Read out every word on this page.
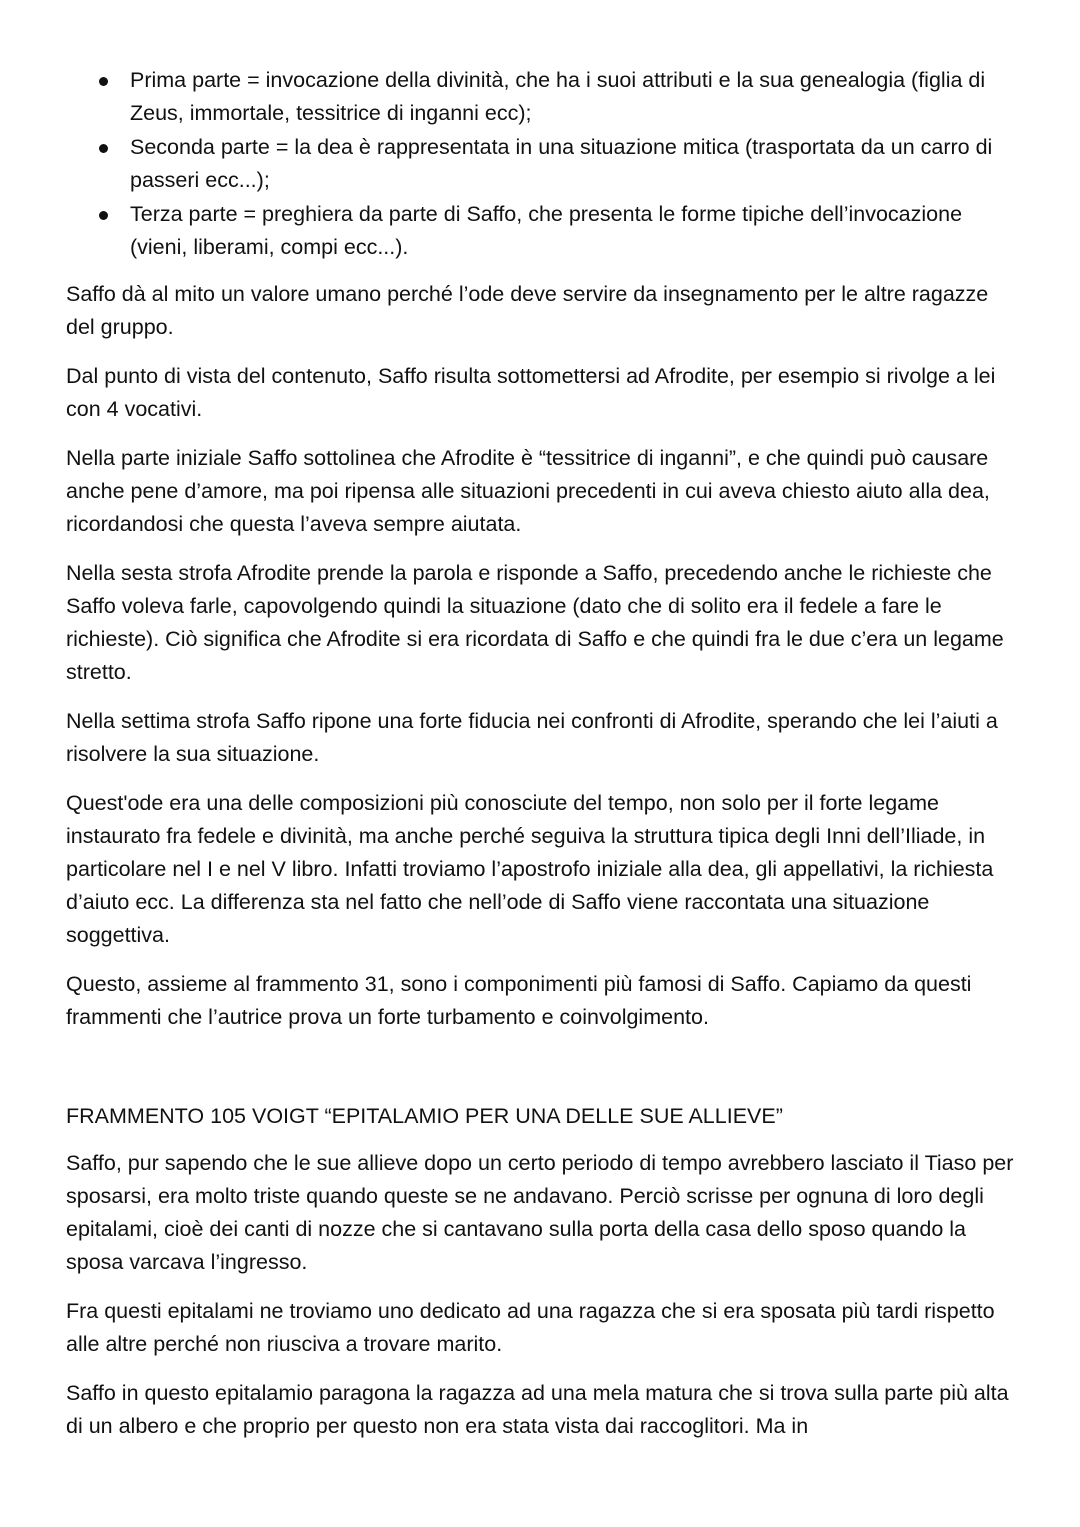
Prima parte = invocazione della divinità, che ha i suoi attributi e la sua genealogia (figlia di Zeus, immortale, tessitrice di inganni ecc);
Seconda parte = la dea è rappresentata in una situazione mitica (trasportata da un carro di passeri ecc...);
Terza parte = preghiera da parte di Saffo, che presenta le forme tipiche dell’invocazione (vieni, liberami, compi ecc...).

Saffo dà al mito un valore umano perché l’ode deve servire da insegnamento per le altre ragazze del gruppo.

Dal punto di vista del contenuto, Saffo risulta sottomettersi ad Afrodite, per esempio si rivolge a lei con 4 vocativi.

Nella parte iniziale Saffo sottolinea che Afrodite è “tessitrice di inganni”, e che quindi può causare anche pene d’amore, ma poi ripensa alle situazioni precedenti in cui aveva chiesto aiuto alla dea, ricordandosi che questa l’aveva sempre aiutata.

Nella sesta strofa Afrodite prende la parola e risponde a Saffo, precedendo anche le richieste che Saffo voleva farle, capovolgendo quindi la situazione (dato che di solito era il fedele a fare le richieste). Ciò significa che Afrodite si era ricordata di Saffo e che quindi fra le due c’era un legame stretto.

Nella settima strofa Saffo ripone una forte fiducia nei confronti di Afrodite, sperando che lei l’aiuti a risolvere la sua situazione.

Quest'ode era una delle composizioni più conosciute del tempo, non solo per il forte legame instaurato fra fedele e divinità, ma anche perché seguiva la struttura tipica degli Inni dell’Iliade, in particolare nel I e nel V libro. Infatti troviamo l’apostrofo iniziale alla dea, gli appellativi, la richiesta d’aiuto ecc. La differenza sta nel fatto che nell’ode di Saffo viene raccontata una situazione soggettiva.

Questo, assieme al frammento 31, sono i componimenti più famosi di Saffo. Capiamo da questi frammenti che l’autrice prova un forte turbamento e coinvolgimento.

FRAMMENTO 105 VOIGT “EPITALAMIO PER UNA DELLE SUE ALLIEVE”

Saffo, pur sapendo che le sue allieve dopo un certo periodo di tempo avrebbero lasciato il Tiaso per sposarsi, era molto triste quando queste se ne andavano. Perciò scrisse per ognuna di loro degli epitalami, cioè dei canti di nozze che si cantavano sulla porta della casa dello sposo quando la sposa varcava l’ingresso.

Fra questi epitalami ne troviamo uno dedicato ad una ragazza che si era sposata più tardi rispetto alle altre perché non riusciva a trovare marito.

Saffo in questo epitalamio paragona la ragazza ad una mela matura che si trova sulla parte più alta di un albero e che proprio per questo non era stata vista dai raccoglitori. Ma in
